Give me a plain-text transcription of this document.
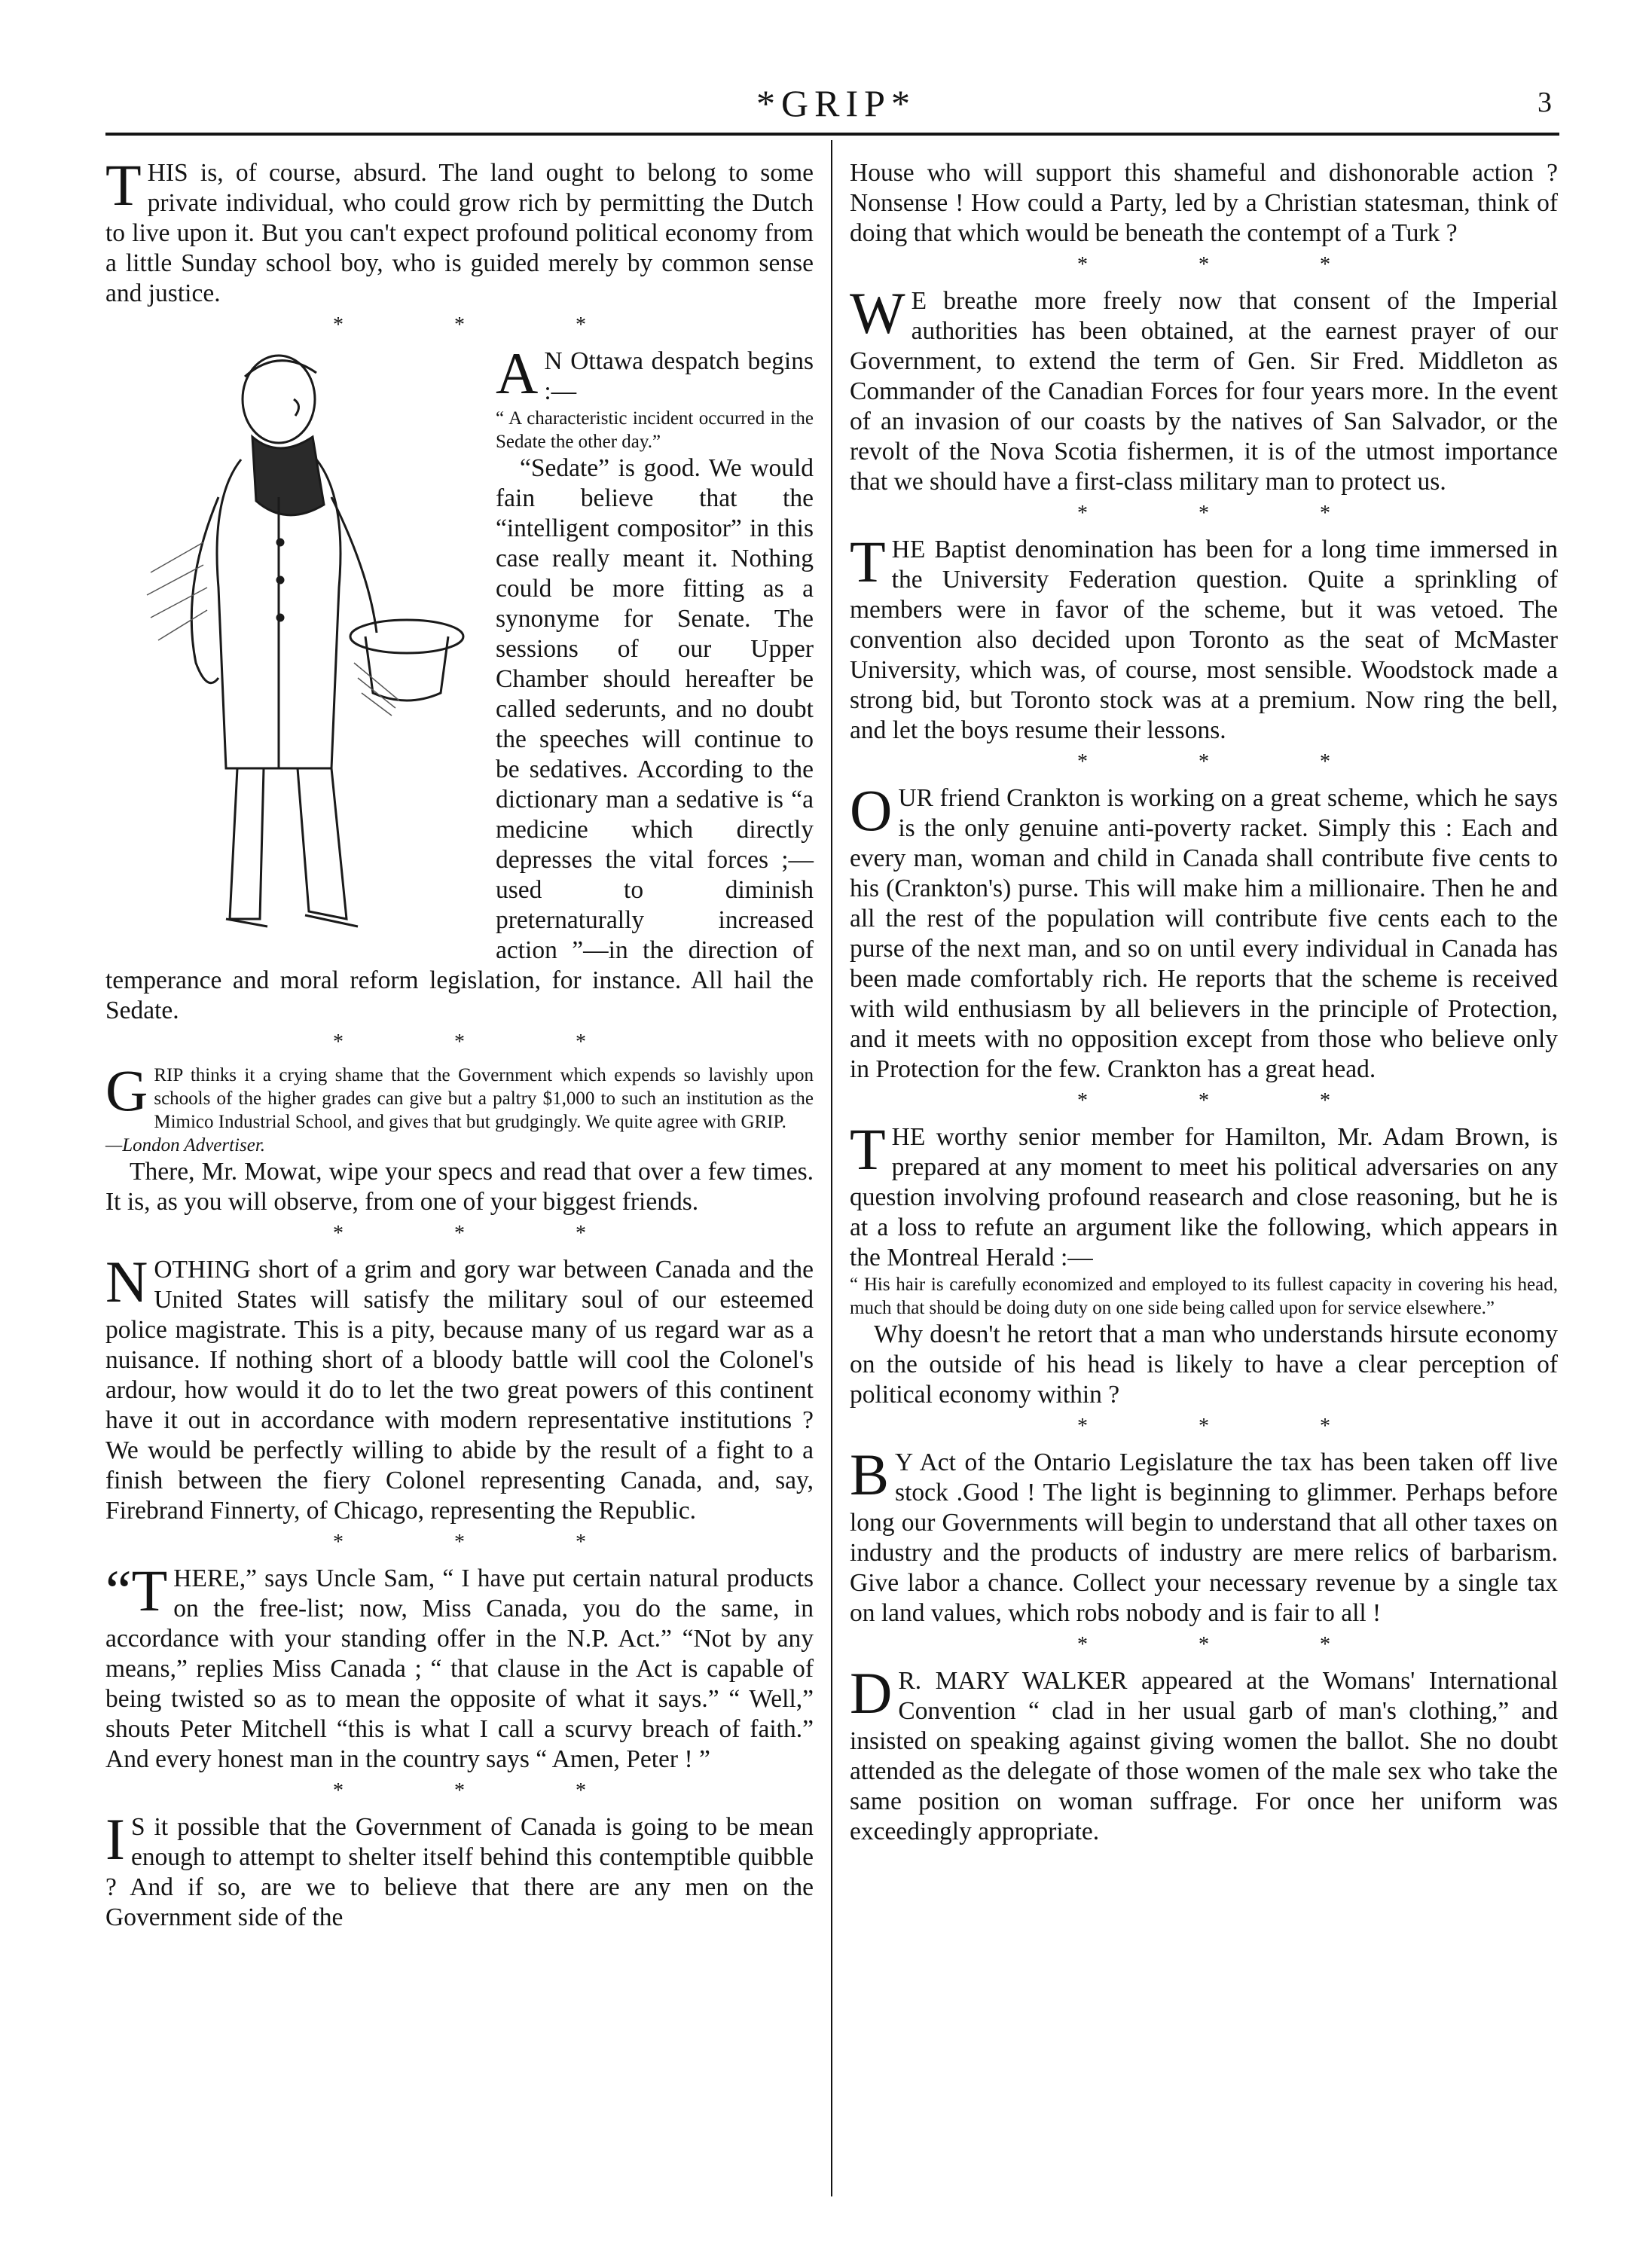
*GRIP*	3

THIS is, of course, absurd. The land ought to belong to some private individual, who could grow rich by permitting the Dutch to live upon it. But you can't expect profound political economy from a little Sunday school boy, who is guided merely by common sense and justice.

* * *

A N Ottawa despatch begins :—

“ A characteristic incident occurred in the Sedate the other day.”

“Sedate” is good. We would fain believe that the “intelligent compositor” in this case really meant it. Nothing could be more fitting as a synonyme for Senate. The sessions of our Upper Chamber should hereafter be called sederunts, and no doubt the speeches will continue to be sedatives. According to the dictionary man a sedative is “a medicine which directly depresses the vital forces ;—used to diminish preternaturally increased action ”—in the direction of temperance and moral reform legislation, for instance. All hail the Sedate.

* * *

GRIP thinks it a crying shame that the Government which expends so lavishly upon schools of the higher grades can give but a paltry $1,000 to such an institution as the Mimico Industrial School, and gives that but grudgingly. We quite agree with GRIP.

—London Advertiser.

There, Mr. Mowat, wipe your specs and read that over a few times. It is, as you will observe, from one of your biggest friends.

* * *

NOTHING short of a grim and gory war between Canada and the United States will satisfy the military soul of our esteemed police magistrate. This is a pity, because many of us regard war as a nuisance. If nothing short of a bloody battle will cool the Colonel's ardour, how would it do to let the two great powers of this continent have it out in accordance with modern representative institutions ? We would be perfectly willing to abide by the result of a fight to a finish between the fiery Colonel representing Canada, and, say, Firebrand Finnerty, of Chicago, representing the Republic.

* * *

“THERE,” says Uncle Sam, “ I have put certain natural products on the free-list; now, Miss Canada, you do the same, in accordance with your standing offer in the N.P. Act.” “Not by any means,” replies Miss Canada ; “ that clause in the Act is capable of being twisted so as to mean the opposite of what it says.” “ Well,” shouts Peter Mitchell “this is what I call a scurvy breach of faith.” And every honest man in the country says “ Amen, Peter ! ”

* * *

I S it possible that the Government of Canada is going to be mean enough to attempt to shelter itself behind this contemptible quibble ? And if so, are we to believe that there are any men on the Government side of the

House who will support this shameful and dishonorable action ? Nonsense ! How could a Party, led by a Christian statesman, think of doing that which would be beneath the contempt of a Turk ?

* * *

W E breathe more freely now that consent of the Imperial authorities has been obtained, at the earnest prayer of our Government, to extend the term of Gen. Sir Fred. Middleton as Commander of the Canadian Forces for four years more. In the event of an invasion of our coasts by the natives of San Salvador, or the revolt of the Nova Scotia fishermen, it is of the utmost importance that we should have a first-class military man to protect us.

* * *

THE Baptist denomination has been for a long time immersed in the University Federation question. Quite a sprinkling of members were in favor of the scheme, but it was vetoed. The convention also decided upon Toronto as the seat of McMaster University, which was, of course, most sensible. Woodstock made a strong bid, but Toronto stock was at a premium. Now ring the bell, and let the boys resume their lessons.

* * *

OUR friend Crankton is working on a great scheme, which he says is the only genuine anti-poverty racket. Simply this : Each and every man, woman and child in Canada shall contribute five cents to his (Crankton's) purse. This will make him a millionaire. Then he and all the rest of the population will contribute five cents each to the purse of the next man, and so on until every individual in Canada has been made comfortably rich. He reports that the scheme is received with wild enthusiasm by all believers in the principle of Protection, and it meets with no opposition except from those who believe only in Protection for the few. Crankton has a great head.

* * *

THE worthy senior member for Hamilton, Mr. Adam Brown, is prepared at any moment to meet his political adversaries on any question involving profound reasearch and close reasoning, but he is at a loss to refute an argument like the following, which appears in the Montreal Herald :—

“ His hair is carefully economized and employed to its fullest capacity in covering his head, much that should be doing duty on one side being called upon for service elsewhere.”

Why doesn't he retort that a man who understands hirsute economy on the outside of his head is likely to have a clear perception of political economy within ?

* * *

B Y Act of the Ontario Legislature the tax has been taken off live stock .Good ! The light is beginning to glimmer. Perhaps before long our Governments will begin to understand that all other taxes on industry and the products of industry are mere relics of barbarism. Give labor a chance. Collect your necessary revenue by a single tax on land values, which robs nobody and is fair to all !

* * *

D R. MARY WALKER appeared at the Womans' International Convention “ clad in her usual garb of man's clothing,” and insisted on speaking against giving women the ballot. She no doubt attended as the delegate of those women of the male sex who take the same position on woman suffrage. For once her uniform was exceedingly appropriate.
